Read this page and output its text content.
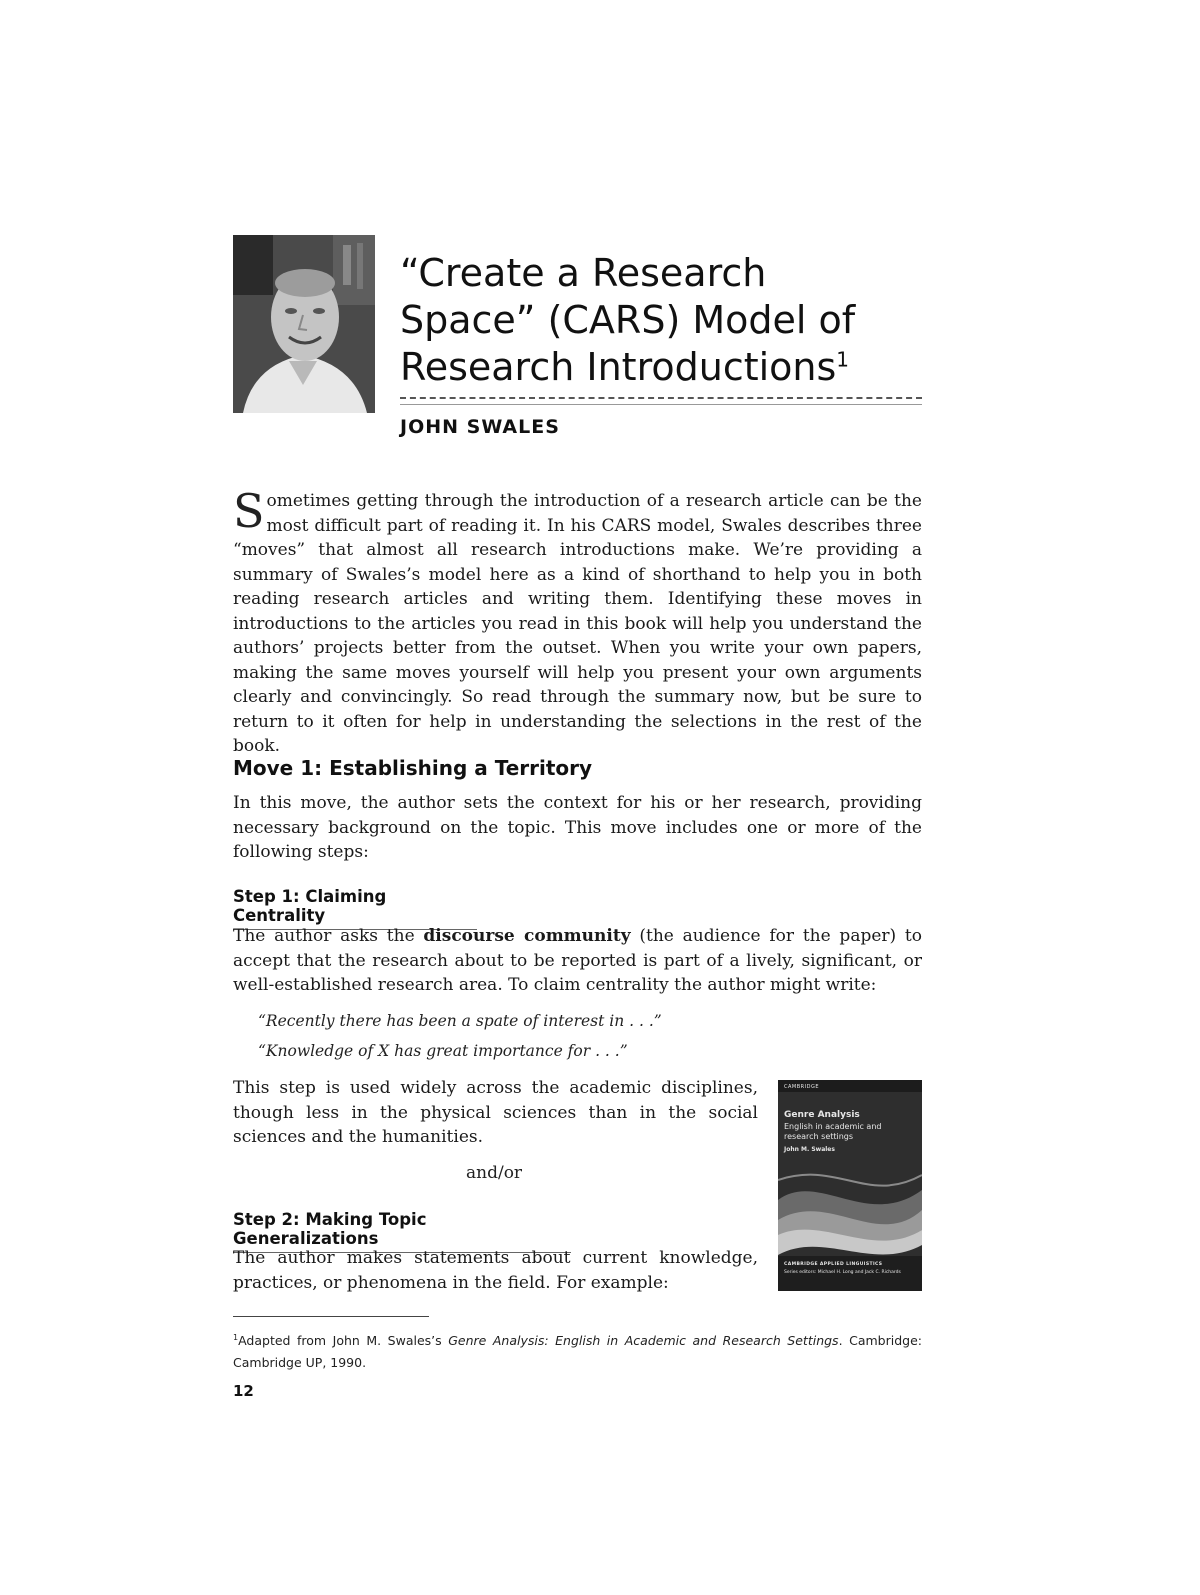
“Create a Research
Space” (CARS) Model of
Research Introductions$^1$
JOHN SWALES

Sometimes getting through the introduction of a research article can be the most difficult part of reading it. In his CARS model, Swales describes three “moves” that almost all research introductions make. We’re providing a summary of Swales’s model here as a kind of shorthand to help you in both reading research articles and writing them. Identifying these moves in introductions to the articles you read in this book will help you understand the authors’ projects better from the outset. When you write your own papers, making the same moves yourself will help you present your own arguments clearly and convincingly. So read through the summary now, but be sure to return to it often for help in understanding the selections in the rest of the book.

Move 1: Establishing a Territory

In this move, the author sets the context for his or her research, providing necessary background on the topic. This move includes one or more of the following steps:

Step 1: Claiming Centrality

The author asks the discourse community (the audience for the paper) to accept that the research about to be reported is part of a lively, significant, or well-established research area. To claim centrality the author might write:

“Recently there has been a spate of interest in . . .”
“Knowledge of X has great importance for . . .”

This step is used widely across the academic disciplines, though less in the physical sciences than in the social sciences and the humanities.

and/or
Step 2: Making Topic Generalizations

The author makes statements about current knowledge, practices, or phenomena in the field. For example:

CAMBRIDGE
Genre Analysis
English in academic and research settings
John M. Swales
CAMBRIDGE APPLIED LINGUISTICS
Series editors: Michael H. Long and Jack C. Richards

$^1$Adapted from John M. Swales’s Genre Analysis: English in Academic and Research Settings. Cambridge: Cambridge UP, 1990.

12
